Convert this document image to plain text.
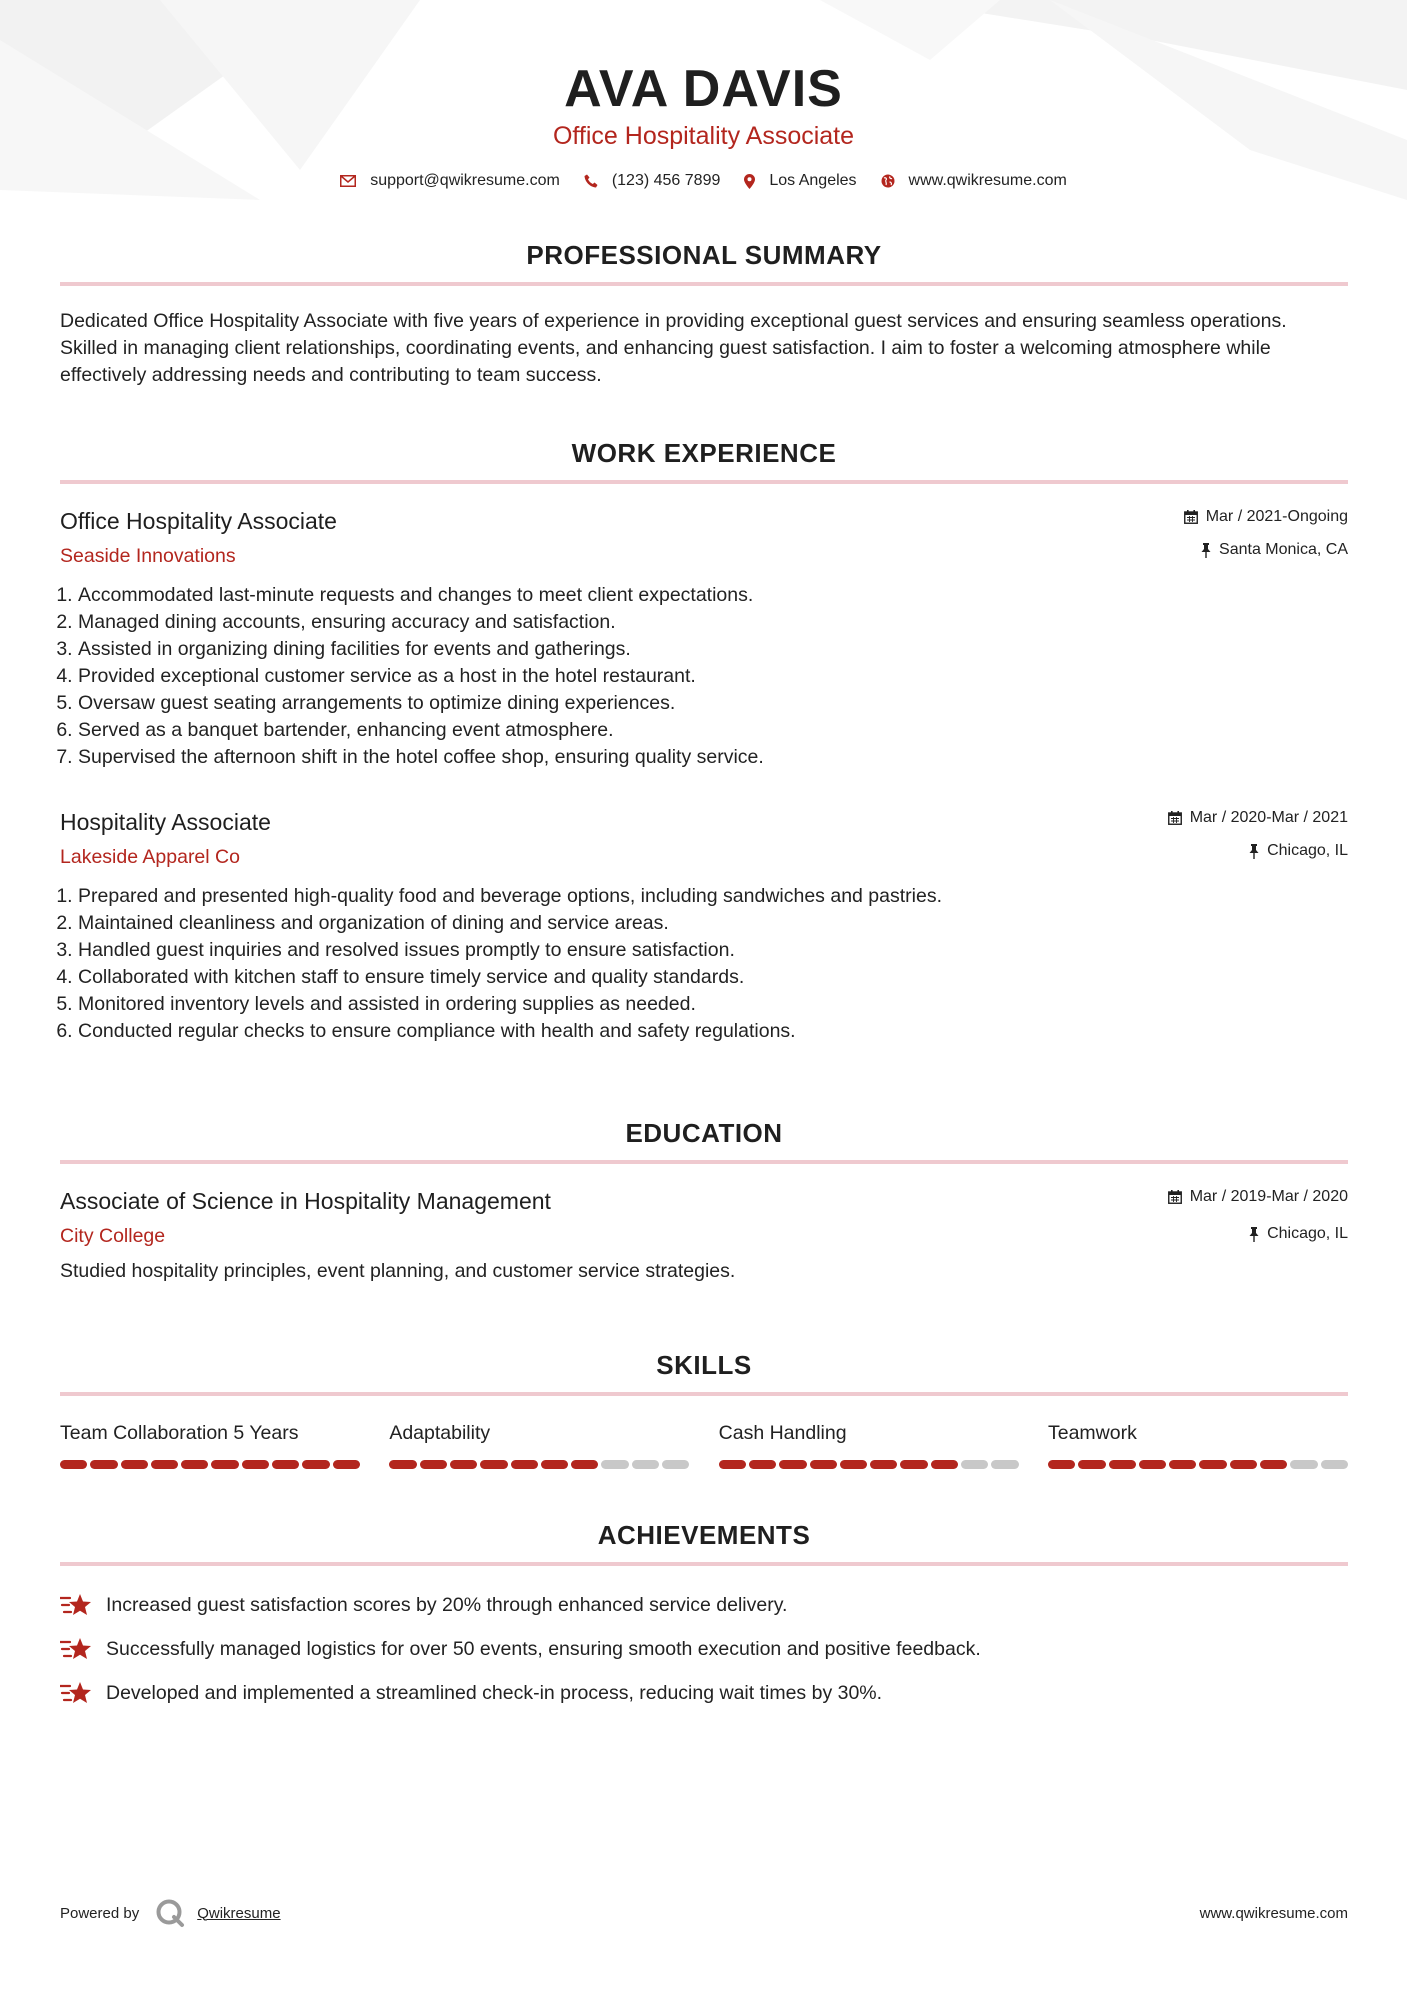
AVA DAVIS
Office Hospitality Associate
support@qwikresume.com	(123) 456 7899	Los Angeles	www.qwikresume.com
PROFESSIONAL SUMMARY
Dedicated Office Hospitality Associate with five years of experience in providing exceptional guest services and ensuring seamless operations. Skilled in managing client relationships, coordinating events, and enhancing guest satisfaction. I aim to foster a welcoming atmosphere while effectively addressing needs and contributing to team success.
WORK EXPERIENCE
Office Hospitality Associate
Seaside Innovations
Mar / 2021-Ongoing
Santa Monica, CA
1. Accommodated last-minute requests and changes to meet client expectations.
2. Managed dining accounts, ensuring accuracy and satisfaction.
3. Assisted in organizing dining facilities for events and gatherings.
4. Provided exceptional customer service as a host in the hotel restaurant.
5. Oversaw guest seating arrangements to optimize dining experiences.
6. Served as a banquet bartender, enhancing event atmosphere.
7. Supervised the afternoon shift in the hotel coffee shop, ensuring quality service.
Hospitality Associate
Lakeside Apparel Co
Mar / 2020-Mar / 2021
Chicago, IL
1. Prepared and presented high-quality food and beverage options, including sandwiches and pastries.
2. Maintained cleanliness and organization of dining and service areas.
3. Handled guest inquiries and resolved issues promptly to ensure satisfaction.
4. Collaborated with kitchen staff to ensure timely service and quality standards.
5. Monitored inventory levels and assisted in ordering supplies as needed.
6. Conducted regular checks to ensure compliance with health and safety regulations.
EDUCATION
Associate of Science in Hospitality Management
City College
Mar / 2019-Mar / 2020
Chicago, IL
Studied hospitality principles, event planning, and customer service strategies.
SKILLS
Team Collaboration 5 Years	Adaptability	Cash Handling	Teamwork
ACHIEVEMENTS
Increased guest satisfaction scores by 20% through enhanced service delivery.
Successfully managed logistics for over 50 events, ensuring smooth execution and positive feedback.
Developed and implemented a streamlined check-in process, reducing wait times by 30%.
Powered by	Qwikresume	www.qwikresume.com
